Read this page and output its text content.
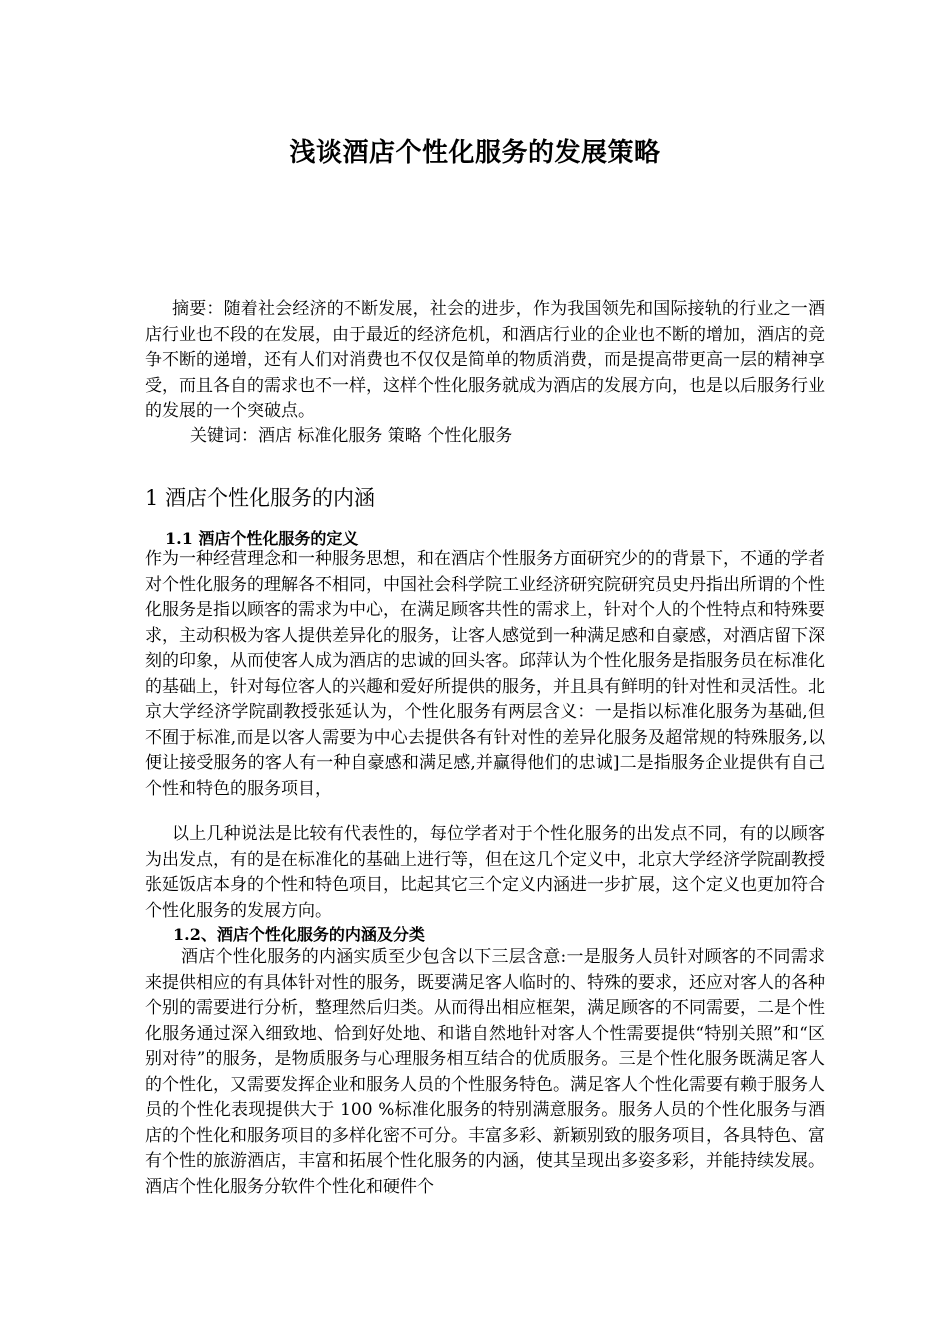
浅谈酒店个性化服务的发展策略

摘要：随着社会经济的不断发展，社会的进步，作为我国领先和国际接轨的行业之一酒店行业也不段的在发展，由于最近的经济危机，和酒店行业的企业也不断的增加，酒店的竞争不断的递增，还有人们对消费也不仅仅是简单的物质消费，而是提高带更高一层的精神享受，而且各自的需求也不一样，这样个性化服务就成为酒店的发展方向，也是以后服务行业的发展的一个突破点。

关键词：酒店 标准化服务 策略 个性化服务

1 酒店个性化服务的内涵
1.1 酒店个性化服务的定义

作为一种经营理念和一种服务思想，和在酒店个性服务方面研究少的的背景下，不通的学者对个性化服务的理解各不相同，中国社会科学院工业经济研究院研究员史丹指出所谓的个性化服务是指以顾客的需求为中心，在满足顾客共性的需求上，针对个人的个性特点和特殊要求，主动积极为客人提供差异化的服务，让客人感觉到一种满足感和自豪感，对酒店留下深刻的印象，从而使客人成为酒店的忠诚的回头客。邱萍认为个性化服务是指服务员在标准化的基础上，针对每位客人的兴趣和爱好所提供的服务，并且具有鲜明的针对性和灵活性。北京大学经济学院副教授张延认为，个性化服务有两层含义：一是指以标准化服务为基础,但不囿于标准,而是以客人需要为中心去提供各有针对性的差异化服务及超常规的特殊服务,以便让接受服务的客人有一种自豪感和满足感,并赢得他们的忠诚]二是指服务企业提供有自己个性和特色的服务项目，

以上几种说法是比较有代表性的，每位学者对于个性化服务的出发点不同，有的以顾客为出发点，有的是在标准化的基础上进行等，但在这几个定义中，北京大学经济学院副教授张延饭店本身的个性和特色项目，比起其它三个定义内涵进一步扩展，这个定义也更加符合个性化服务的发展方向。

1.2、酒店个性化服务的内涵及分类

酒店个性化服务的内涵实质至少包含以下三层含意:一是服务人员针对顾客的不同需求来提供相应的有具体针对性的服务，既要满足客人临时的、特殊的要求，还应对客人的各种个别的需要进行分析，整理然后归类。从而得出相应框架，满足顾客的不同需要，二是个性化服务通过深入细致地、恰到好处地、和谐自然地针对客人个性需要提供“特别关照”和“区别对待”的服务，是物质服务与心理服务相互结合的优质服务。三是个性化服务既满足客人的个性化，又需要发挥企业和服务人员的个性服务特色。满足客人个性化需要有赖于服务人员的个性化表现提供大于 100 %标准化服务的特别满意服务。服务人员的个性化服务与酒店的个性化和服务项目的多样化密不可分。丰富多彩、新颖别致的服务项目，各具特色、富有个性的旅游酒店，丰富和拓展个性化服务的内涵，使其呈现出多姿多彩，并能持续发展。酒店个性化服务分软件个性化和硬件个
